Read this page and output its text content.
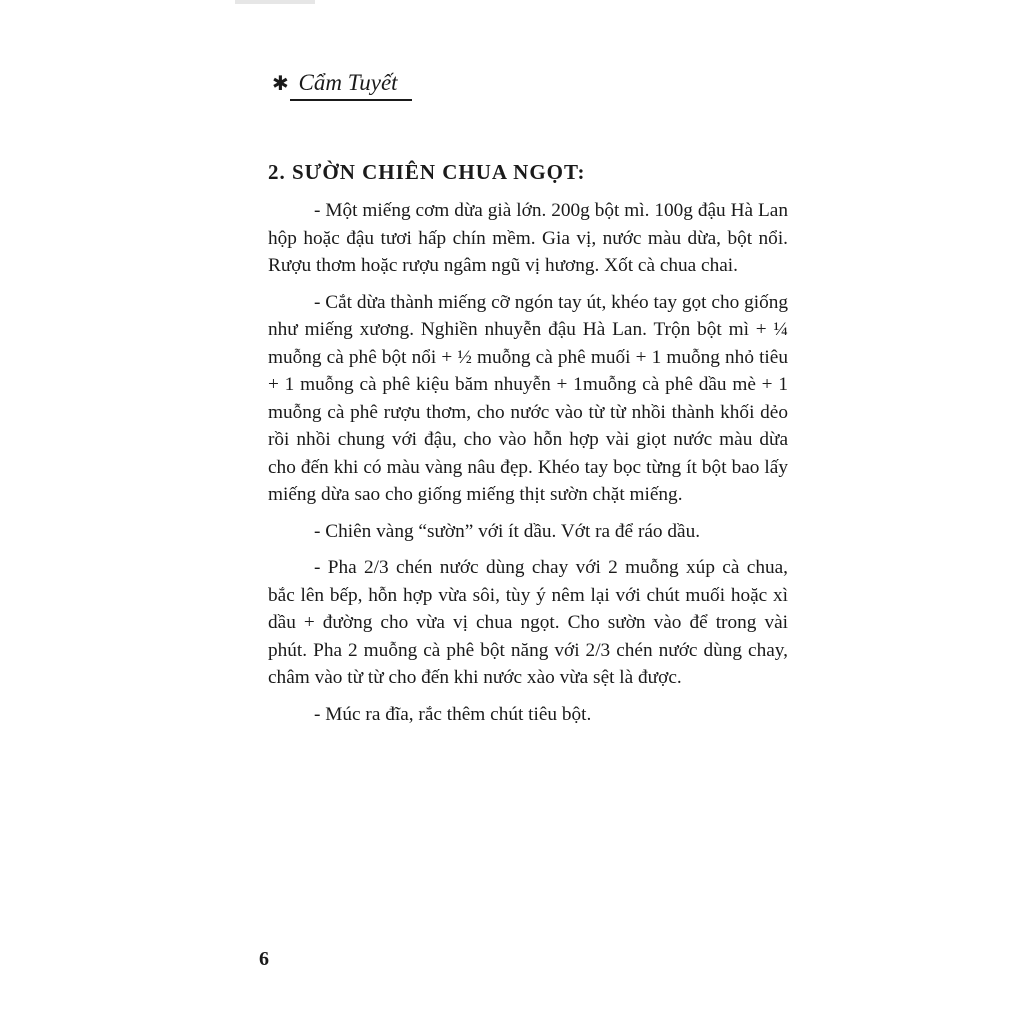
✱ Cẩm Tuyết
2. SƯỜN CHIÊN CHUA NGỌT:

- Một miếng cơm dừa già lớn. 200g bột mì. 100g đậu Hà Lan hộp hoặc đậu tươi hấp chín mềm. Gia vị, nước màu dừa, bột nổi. Rượu thơm hoặc rượu ngâm ngũ vị hương. Xốt cà chua chai.

- Cắt dừa thành miếng cỡ ngón tay út, khéo tay gọt cho giống như miếng xương. Nghiền nhuyễn đậu Hà Lan. Trộn bột mì + ¼ muỗng cà phê bột nổi + ½ muỗng cà phê muối + 1 muỗng nhỏ tiêu + 1 muỗng cà phê kiệu băm nhuyễn + 1muỗng cà phê dầu mè + 1 muỗng cà phê rượu thơm, cho nước vào từ từ nhồi thành khối dẻo rồi nhồi chung với đậu, cho vào hỗn hợp vài giọt nước màu dừa cho đến khi có màu vàng nâu đẹp. Khéo tay bọc từng ít bột bao lấy miếng dừa sao cho giống miếng thịt sườn chặt miếng.

- Chiên vàng “sườn” với ít dầu. Vớt ra để ráo dầu.

- Pha 2/3 chén nước dùng chay với 2 muỗng xúp cà chua, bắc lên bếp, hỗn hợp vừa sôi, tùy ý nêm lại với chút muối hoặc xì dầu + đường cho vừa vị chua ngọt. Cho sườn vào để trong vài phút. Pha 2 muỗng cà phê bột năng với 2/3 chén nước dùng chay, châm vào từ từ cho đến khi nước xào vừa sệt là được.

- Múc ra đĩa, rắc thêm chút tiêu bột.

6
